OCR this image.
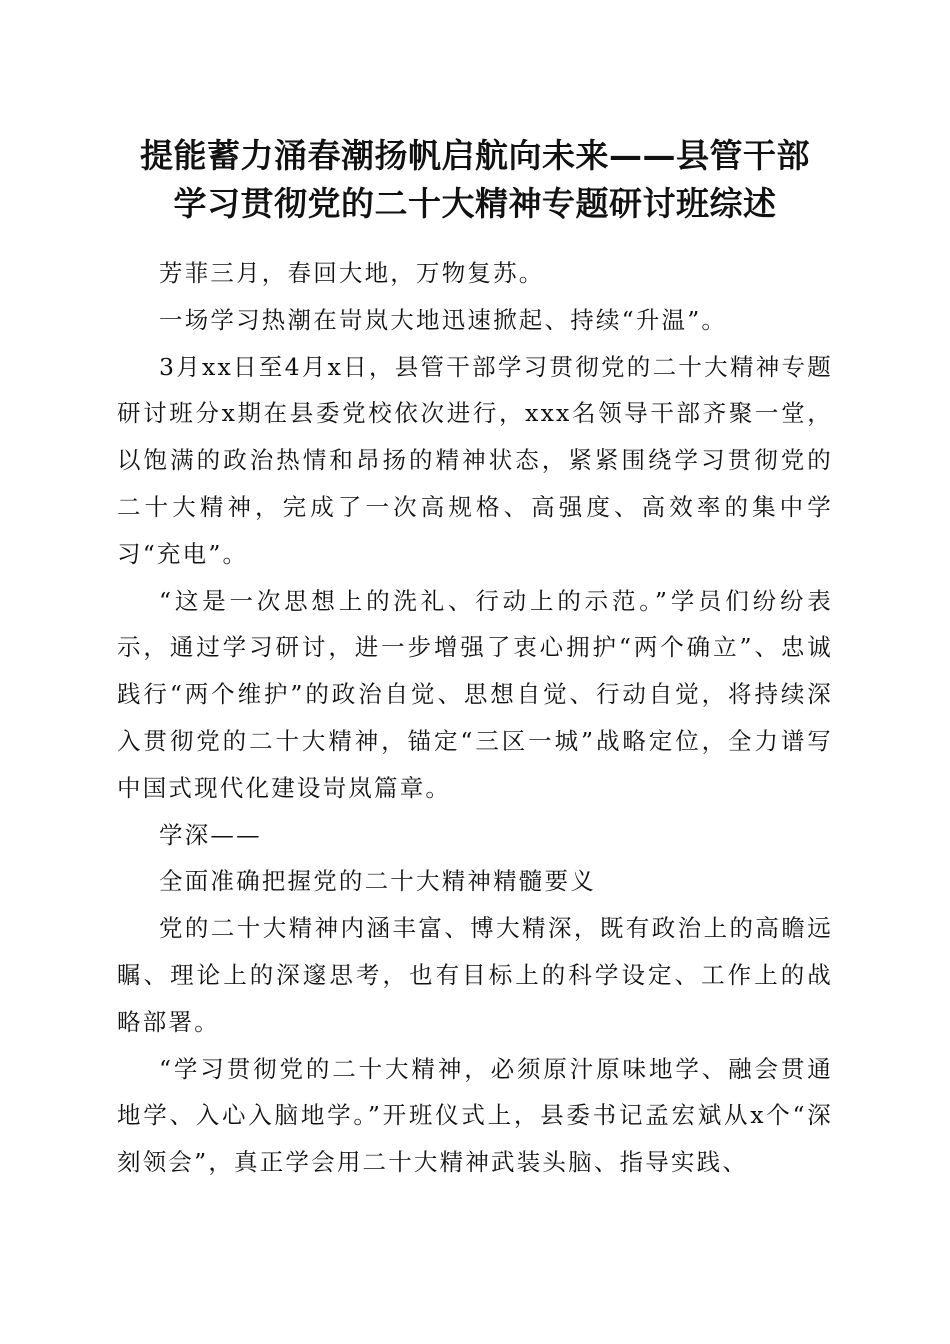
提能蓄力涌春潮扬帆启航向未来——县管干部
学习贯彻党的二十大精神专题研讨班综述

芳菲三月，春回大地，万物复苏。

一场学习热潮在岢岚大地迅速掀起、持续“升温”。

3月xx日至4月x日，县管干部学习贯彻党的二十大精神专题研讨班分x期在县委党校依次进行，xxx名领导干部齐聚一堂，以饱满的政治热情和昂扬的精神状态，紧紧围绕学习贯彻党的二十大精神，完成了一次高规格、高强度、高效率的集中学习“充电”。

“这是一次思想上的洗礼、行动上的示范。”学员们纷纷表示，通过学习研讨，进一步增强了衷心拥护“两个确立”、忠诚践行“两个维护”的政治自觉、思想自觉、行动自觉，将持续深入贯彻党的二十大精神，锚定“三区一城”战略定位，全力谱写中国式现代化建设岢岚篇章。

学深——

全面准确把握党的二十大精神精髓要义

党的二十大精神内涵丰富、博大精深，既有政治上的高瞻远瞩、理论上的深邃思考，也有目标上的科学设定、工作上的战略部署。

“学习贯彻党的二十大精神，必须原汁原味地学、融会贯通地学、入心入脑地学。”开班仪式上，县委书记孟宏斌从x个“深刻领会”，真正学会用二十大精神武装头脑、指导实践、
